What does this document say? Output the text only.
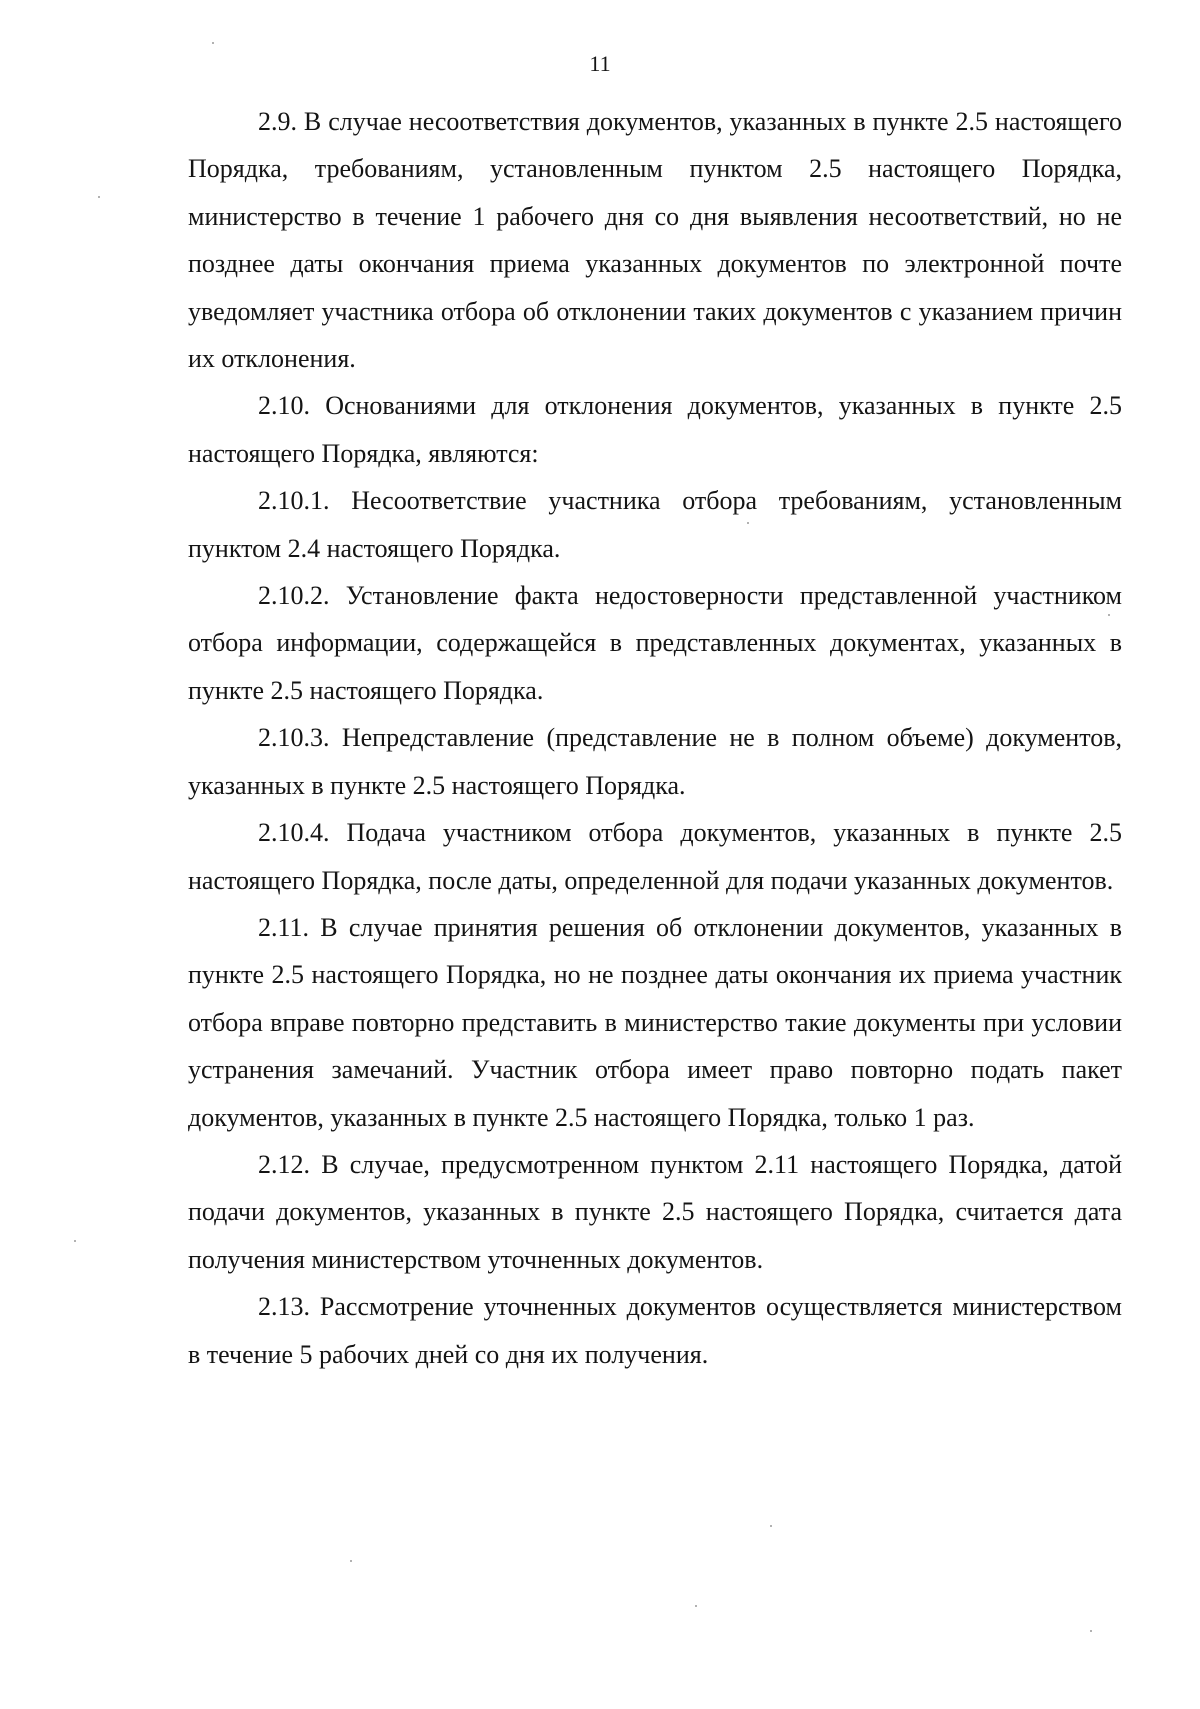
11

2.9. В случае несоответствия документов, указанных в пункте 2.5 настоящего Порядка, требованиям, установленным пунктом 2.5 настоящего Порядка, министерство в течение 1 рабочего дня со дня выявления несоответствий, но не позднее даты окончания приема указанных документов по электронной почте уведомляет участника отбора об отклонении таких документов с указанием причин их отклонения.

2.10. Основаниями для отклонения документов, указанных в пункте 2.5 настоящего Порядка, являются:

2.10.1. Несоответствие участника отбора требованиям, установленным пунктом 2.4 настоящего Порядка.

2.10.2. Установление факта недостоверности представленной участником отбора информации, содержащейся в представленных документах, указанных в пункте 2.5 настоящего Порядка.

2.10.3. Непредставление (представление не в полном объеме) документов, указанных в пункте 2.5 настоящего Порядка.

2.10.4. Подача участником отбора документов, указанных в пункте 2.5 настоящего Порядка, после даты, определенной для подачи указанных документов.

2.11. В случае принятия решения об отклонении документов, указанных в пункте 2.5 настоящего Порядка, но не позднее даты окончания их приема участник отбора вправе повторно представить в министерство такие документы при условии устранения замечаний. Участник отбора имеет право повторно подать пакет документов, указанных в пункте 2.5 настоящего Порядка, только 1 раз.

2.12. В случае, предусмотренном пунктом 2.11 настоящего Порядка, датой подачи документов, указанных в пункте 2.5 настоящего Порядка, считается дата получения министерством уточненных документов.

2.13. Рассмотрение уточненных документов осуществляется министерством в течение 5 рабочих дней со дня их получения.
